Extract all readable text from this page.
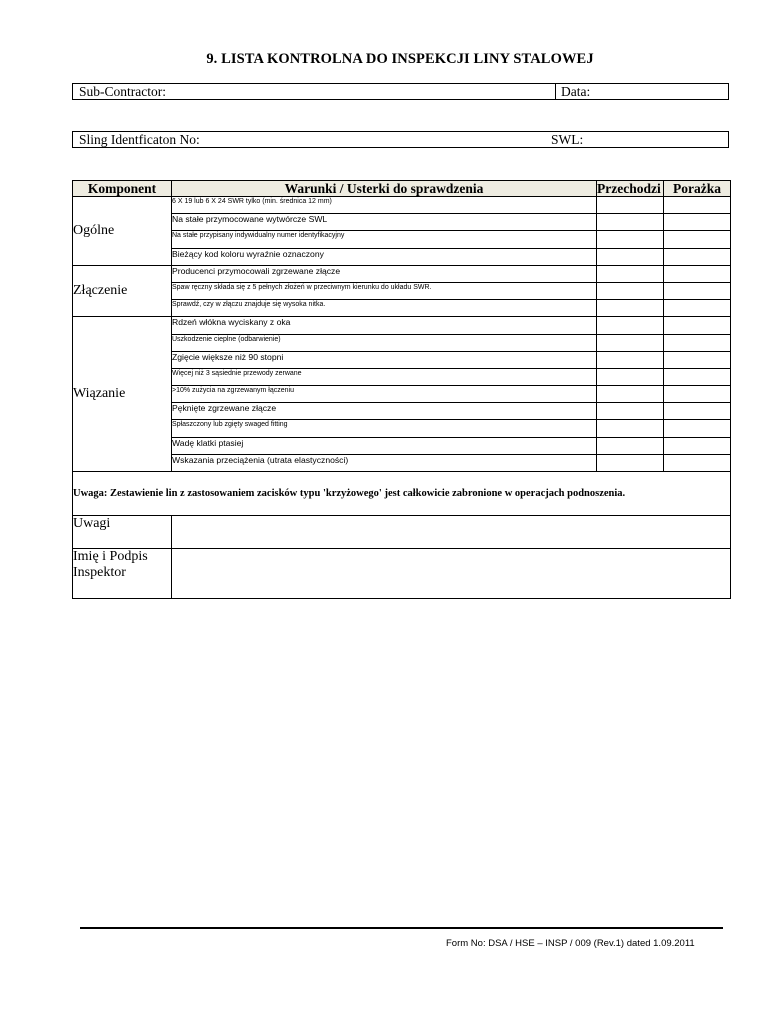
9. LISTA KONTROLNA DO INSPEKCJI LINY STALOWEJ
Sub-Contractor:	Data:
Sling Identficaton No:	SWL:
Komponent	Warunki / Usterki do sprawdzenia	Przechodzi	Porażka
Ogólne	6 X 19 lub 6 X 24 SWR tylko (min. średnica 12 mm)		
	Na stałe przymocowane wytwórcze SWL		
	Na stałe przypisany indywidualny numer identyfikacyjny		
	Bieżący kod koloru wyraźnie oznaczony		
Złączenie	Producenci przymocowali zgrzewane złącze		
	Spaw ręczny składa się z 5 pełnych złożeń w przeciwnym kierunku do układu SWR.		
	Sprawdź, czy w złączu znajduje się wysoka nitka.		
Wiązanie	Rdzeń włókna wyciskany z oka		
	Uszkodzenie cieplne (odbarwienie)		
	Zgięcie większe niż 90 stopni		
	Więcej niż 3 sąsiednie przewody zerwane		
	>10% zużycia na zgrzewanym łączeniu		
	Pęknięte zgrzewane złącze		
	Spłaszczony lub zgięty swaged fitting		
	Wadę klatki ptasiej		
	Wskazania przeciążenia (utrata elastyczności)		
Uwaga: Zestawienie lin z zastosowaniem zacisków typu 'krzyżowego' jest całkowicie zabronione w operacjach podnoszenia.			
Uwagi			
Imię i Podpis Inspektor			
Form No: DSA / HSE – INSP / 009 (Rev.1) dated 1.09.2011
